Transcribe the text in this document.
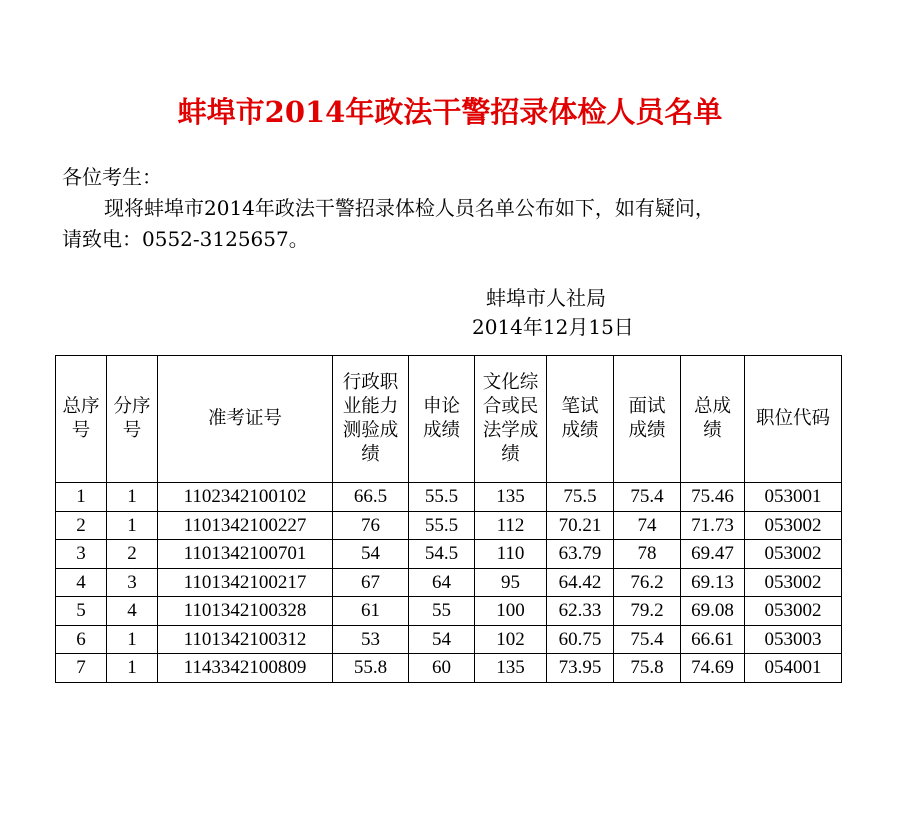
蚌埠市2014年政法干警招录体检人员名单
各位考生：
现将蚌埠市2014年政法干警招录体检人员名单公布如下，如有疑问，
请致电：0552-3125657。
蚌埠市人社局
2014年12月15日
总序号	分序号	准考证号	行政职业能力测验成绩	申论成绩	文化综合或民法学成绩	笔试成绩	面试成绩	总成绩	职位代码
1	1	1102342100102	66.5	55.5	135	75.5	75.4	75.46	053001
2	1	1101342100227	76	55.5	112	70.21	74	71.73	053002
3	2	1101342100701	54	54.5	110	63.79	78	69.47	053002
4	3	1101342100217	67	64	95	64.42	76.2	69.13	053002
5	4	1101342100328	61	55	100	62.33	79.2	69.08	053002
6	1	1101342100312	53	54	102	60.75	75.4	66.61	053003
7	1	1143342100809	55.8	60	135	73.95	75.8	74.69	054001
